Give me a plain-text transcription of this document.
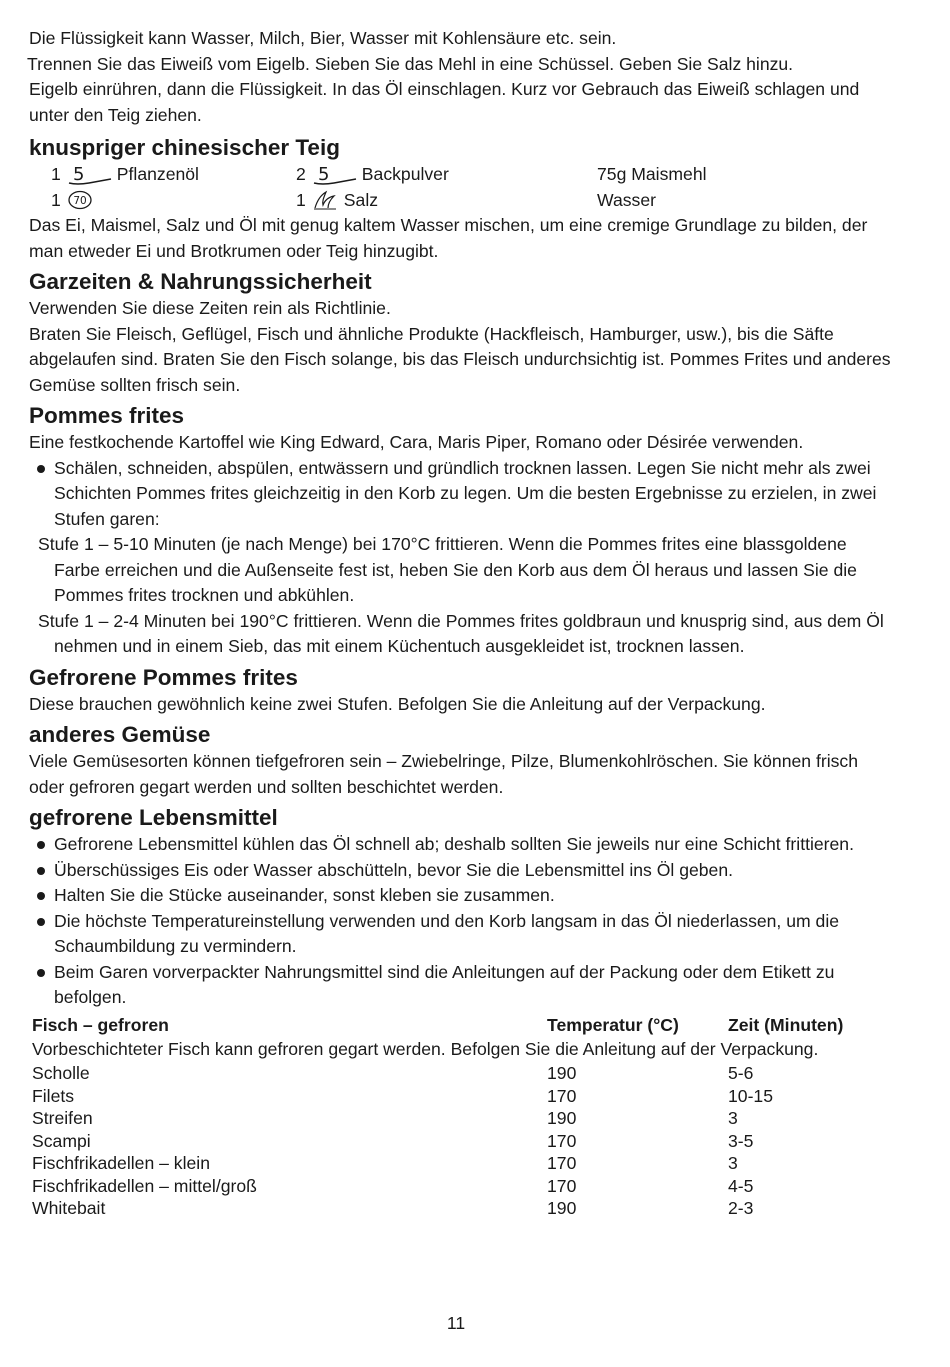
Die Flüssigkeit kann Wasser, Milch, Bier, Wasser mit Kohlensäure etc. sein.

Trennen Sie das Eiweiß vom Eigelb. Sieben Sie das Mehl in eine Schüssel. Geben Sie Salz hinzu.

Eigelb einrühren, dann die Flüssigkeit. In das Öl einschlagen. Kurz vor Gebrauch das Eiweiß schlagen und unter den Teig ziehen.

knuspriger chinesischer Teig
1 5 Pflanzenöl	2 5 Backpulver	75g Maismehl
1 70	1 Salz	Wasser

Das Ei, Maismel, Salz und Öl mit genug kaltem Wasser mischen, um eine cremige Grundlage zu bilden, der man etweder Ei und Brotkrumen oder Teig hinzugibt.

Garzeiten & Nahrungssicherheit

Verwenden Sie diese Zeiten rein als Richtlinie.

Braten Sie Fleisch, Geflügel, Fisch und ähnliche Produkte (Hackfleisch, Hamburger, usw.), bis die Säfte abgelaufen sind. Braten Sie den Fisch solange, bis das Fleisch undurchsichtig ist. Pommes Frites und anderes Gemüse sollten frisch sein.

Pommes frites

Eine festkochende Kartoffel wie King Edward, Cara, Maris Piper, Romano oder Désirée verwenden.

Schälen, schneiden, abspülen, entwässern und gründlich trocknen lassen. Legen Sie nicht mehr als zwei Schichten Pommes frites gleichzeitig in den Korb zu legen. Um die besten Ergebnisse zu erzielen, in zwei Stufen garen:

Stufe 1 – 5-10 Minuten (je nach Menge) bei 170°C frittieren. Wenn die Pommes frites eine blassgoldene Farbe erreichen und die Außenseite fest ist, heben Sie den Korb aus dem Öl heraus und lassen Sie die Pommes frites trocknen und abkühlen.

Stufe 1 – 2-4 Minuten bei 190°C frittieren. Wenn die Pommes frites goldbraun und knusprig sind, aus dem Öl nehmen und in einem Sieb, das mit einem Küchentuch ausgekleidet ist, trocknen lassen.

Gefrorene Pommes frites

Diese brauchen gewöhnlich keine zwei Stufen. Befolgen Sie die Anleitung auf der Verpackung.

anderes Gemüse

Viele Gemüsesorten können tiefgefroren sein – Zwiebelringe, Pilze, Blumenkohlröschen. Sie können frisch oder gefroren gegart werden und sollten beschichtet werden.

gefrorene Lebensmittel
Gefrorene Lebensmittel kühlen das Öl schnell ab; deshalb sollten Sie jeweils nur eine Schicht frittieren.
Überschüssiges Eis oder Wasser abschütteln, bevor Sie die Lebensmittel ins Öl geben.
Halten Sie die Stücke auseinander, sonst kleben sie zusammen.
Die höchste Temperatureinstellung verwenden und den Korb langsam in das Öl niederlassen, um die Schaumbildung zu vermindern.
Beim Garen vorverpackter Nahrungsmittel sind die Anleitungen auf der Packung oder dem Etikett zu befolgen.
Fisch – gefroren	Temperatur (°C)	Zeit (Minuten)

Vorbeschichteter Fisch kann gefroren gegart werden. Befolgen Sie die Anleitung auf der Verpackung.

Scholle	190	5-6
Filets	170	10-15
Streifen	190	3
Scampi	170	3-5
Fischfrikadellen – klein	170	3
Fischfrikadellen – mittel/groß	170	4-5
Whitebait	190	2-3
11
